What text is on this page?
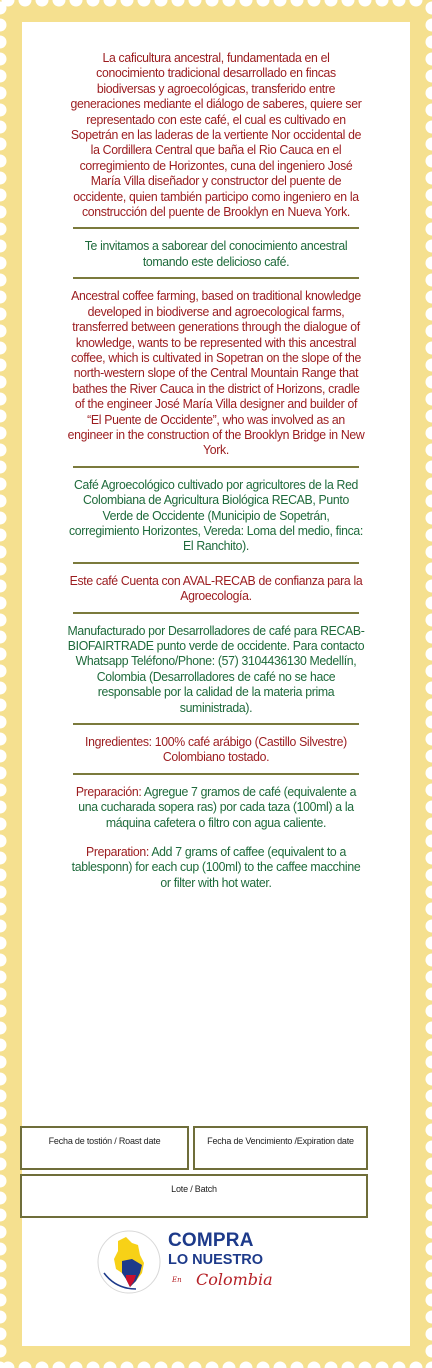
La caficultura ancestral, fundamentada en el conocimiento tradicional desarrollado en fincas biodiversas y agroecológicas, transferido entre generaciones mediante el diálogo de saberes, quiere ser representado con este café, el cual es cultivado en Sopetrán en las laderas de la vertiente Nor occidental de la Cordillera Central que baña el Rio Cauca en el corregimiento de Horizontes, cuna del ingeniero José María Villa diseñador y constructor del puente de occidente, quien también participo como ingeniero en la construcción del puente de Brooklyn en Nueva York.

Te invitamos a saborear del conocimiento ancestral tomando este delicioso café.

Ancestral coffee farming, based on traditional knowledge developed in biodiverse and agroecological farms, transferred between generations through the dialogue of knowledge, wants to be represented with this ancestral coffee, which is cultivated in Sopetran on the slope of the north-western slope of the Central Mountain Range that bathes the River Cauca in the district of Horizons, cradle of the engineer José María Villa designer and builder of “El Puente de Occidente”, who was involved as an engineer in the construction of the Brooklyn Bridge in New York.

Café Agroecológico cultivado por agricultores de la Red Colombiana de Agricultura Biológica RECAB, Punto Verde de Occidente (Municipio de Sopetrán, corregimiento Horizontes, Vereda: Loma del medio, finca: El Ranchito).

Este café Cuenta con AVAL-RECAB de confianza para la Agroecología.

Manufacturado por Desarrolladores de café para RECAB-BIOFAIRTRADE punto verde de occidente. Para contacto Whatsapp Teléfono/Phone: (57) 3104436130 Medellín, Colombia (Desarrolladores de café no se hace responsable por la calidad de la materia prima suministrada).

Ingredientes: 100% café arábigo (Castillo Silvestre) Colombiano tostado.

Preparación: Agregue 7 gramos de café (equivalente a una cucharada sopera ras) por cada taza (100ml) a la máquina cafetera o filtro con agua caliente.

Preparation: Add 7 grams of caffee (equivalent to a tablesponn) for each cup (100ml) to the caffee macchine or filter with hot water.

Fecha de tostión / Roast date	Fecha de Vencimiento /Expiration date
Lote / Batch
COMPRA
LO NUESTRO
En Colombia
